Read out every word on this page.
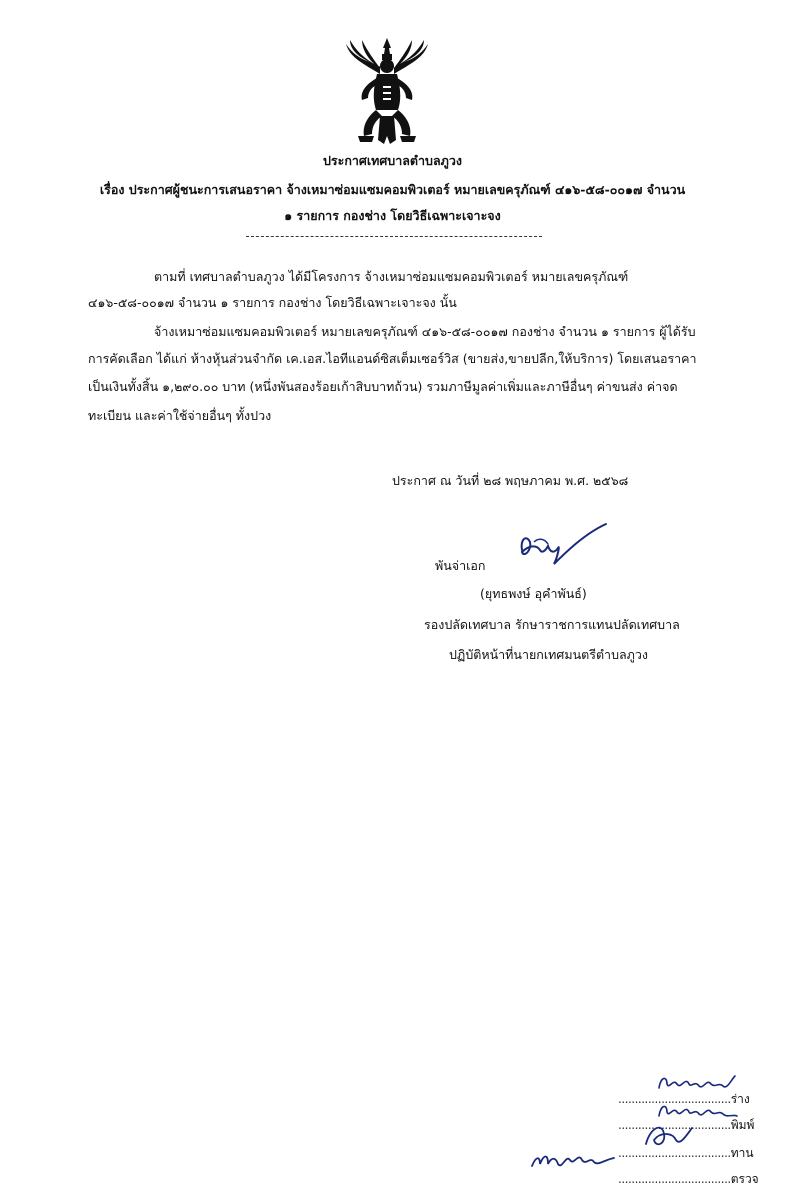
ประกาศเทศบาลตำบลภูวง
เรื่อง ประกาศผู้ชนะการเสนอราคา จ้างเหมาซ่อมแซมคอมพิวเตอร์ หมายเลขครุภัณฑ์ ๔๑๖-๕๘-๐๐๑๗ จำนวน
๑ รายการ กองช่าง โดยวิธีเฉพาะเจาะจง
ตามที่ เทศบาลตำบลภูวง ได้มีโครงการ จ้างเหมาซ่อมแซมคอมพิวเตอร์ หมายเลขครุภัณฑ์
๔๑๖-๕๘-๐๐๑๗ จำนวน ๑ รายการ กองช่าง โดยวิธีเฉพาะเจาะจง นั้น
จ้างเหมาซ่อมแซมคอมพิวเตอร์ หมายเลขครุภัณฑ์ ๔๑๖-๕๘-๐๐๑๗ กองช่าง จำนวน ๑ รายการ ผู้ได้รับ
การคัดเลือก ได้แก่ ห้างหุ้นส่วนจำกัด เค.เอส.ไอทีแอนด์ซิสเต็มเซอร์วิส (ขายส่ง,ขายปลีก,ให้บริการ) โดยเสนอราคา
เป็นเงินทั้งสิ้น ๑,๒๙๐.๐๐ บาท (หนึ่งพันสองร้อยเก้าสิบบาทถ้วน) รวมภาษีมูลค่าเพิ่มและภาษีอื่นๆ ค่าขนส่ง ค่าจด
ทะเบียน และค่าใช้จ่ายอื่นๆ ทั้งปวง
ประกาศ ณ วันที่ ๒๘ พฤษภาคม พ.ศ. ๒๕๖๘
พันจ่าเอก
(ยุทธพงษ์ อุคำพันธ์)
รองปลัดเทศบาล รักษาราชการแทนปลัดเทศบาล
ปฏิบัติหน้าที่นายกเทศมนตรีตำบลภูวง
..................................ร่าง
..................................พิมพ์
..................................ทาน
..................................ตรวจ
